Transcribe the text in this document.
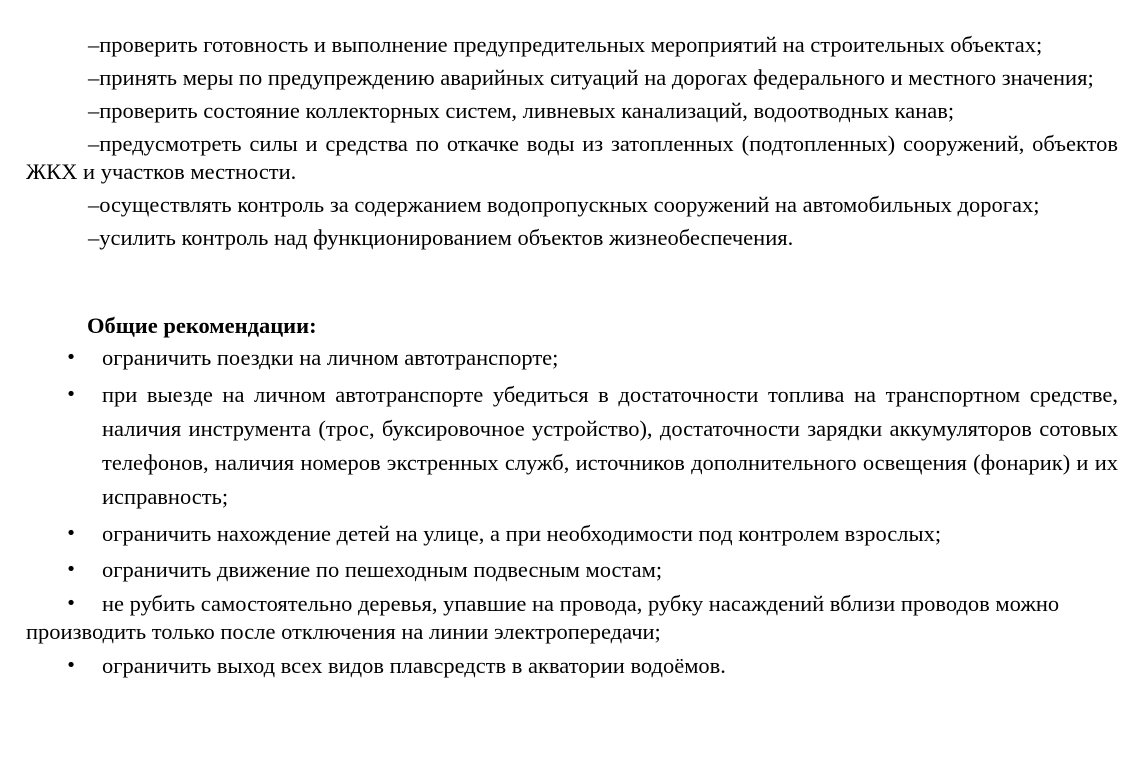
–проверить готовность и выполнение предупредительных мероприятий на строительных объектах;

–принять меры по предупреждению аварийных ситуаций на дорогах федерального и местного значения;

–проверить состояние коллекторных систем, ливневых канализаций, водоотводных канав;

–предусмотреть силы и средства по откачке воды из затопленных (подтопленных) сооружений, объектов ЖКХ и участков местности.

–осуществлять контроль за содержанием водопропускных сооружений на автомобильных дорогах;

–усилить контроль над функционированием объектов жизнеобеспечения.

Общие рекомендации:

• ограничить поездки на личном автотранспорте;
• при выезде на личном автотранспорте убедиться в достаточности топлива на транспортном средстве, наличия инструмента (трос, буксировочное устройство), достаточности зарядки аккумуляторов сотовых телефонов, наличия номеров экстренных служб, источников дополнительного освещения (фонарик) и их исправность;
• ограничить нахождение детей на улице, а при необходимости под контролем взрослых;
• ограничить движение по пешеходным подвесным мостам;
• не рубить самостоятельно деревья, упавшие на провода, рубку насаждений вблизи проводов можно производить только после отключения на линии электропередачи;
• ограничить выход всех видов плавсредств в акватории водоёмов.
